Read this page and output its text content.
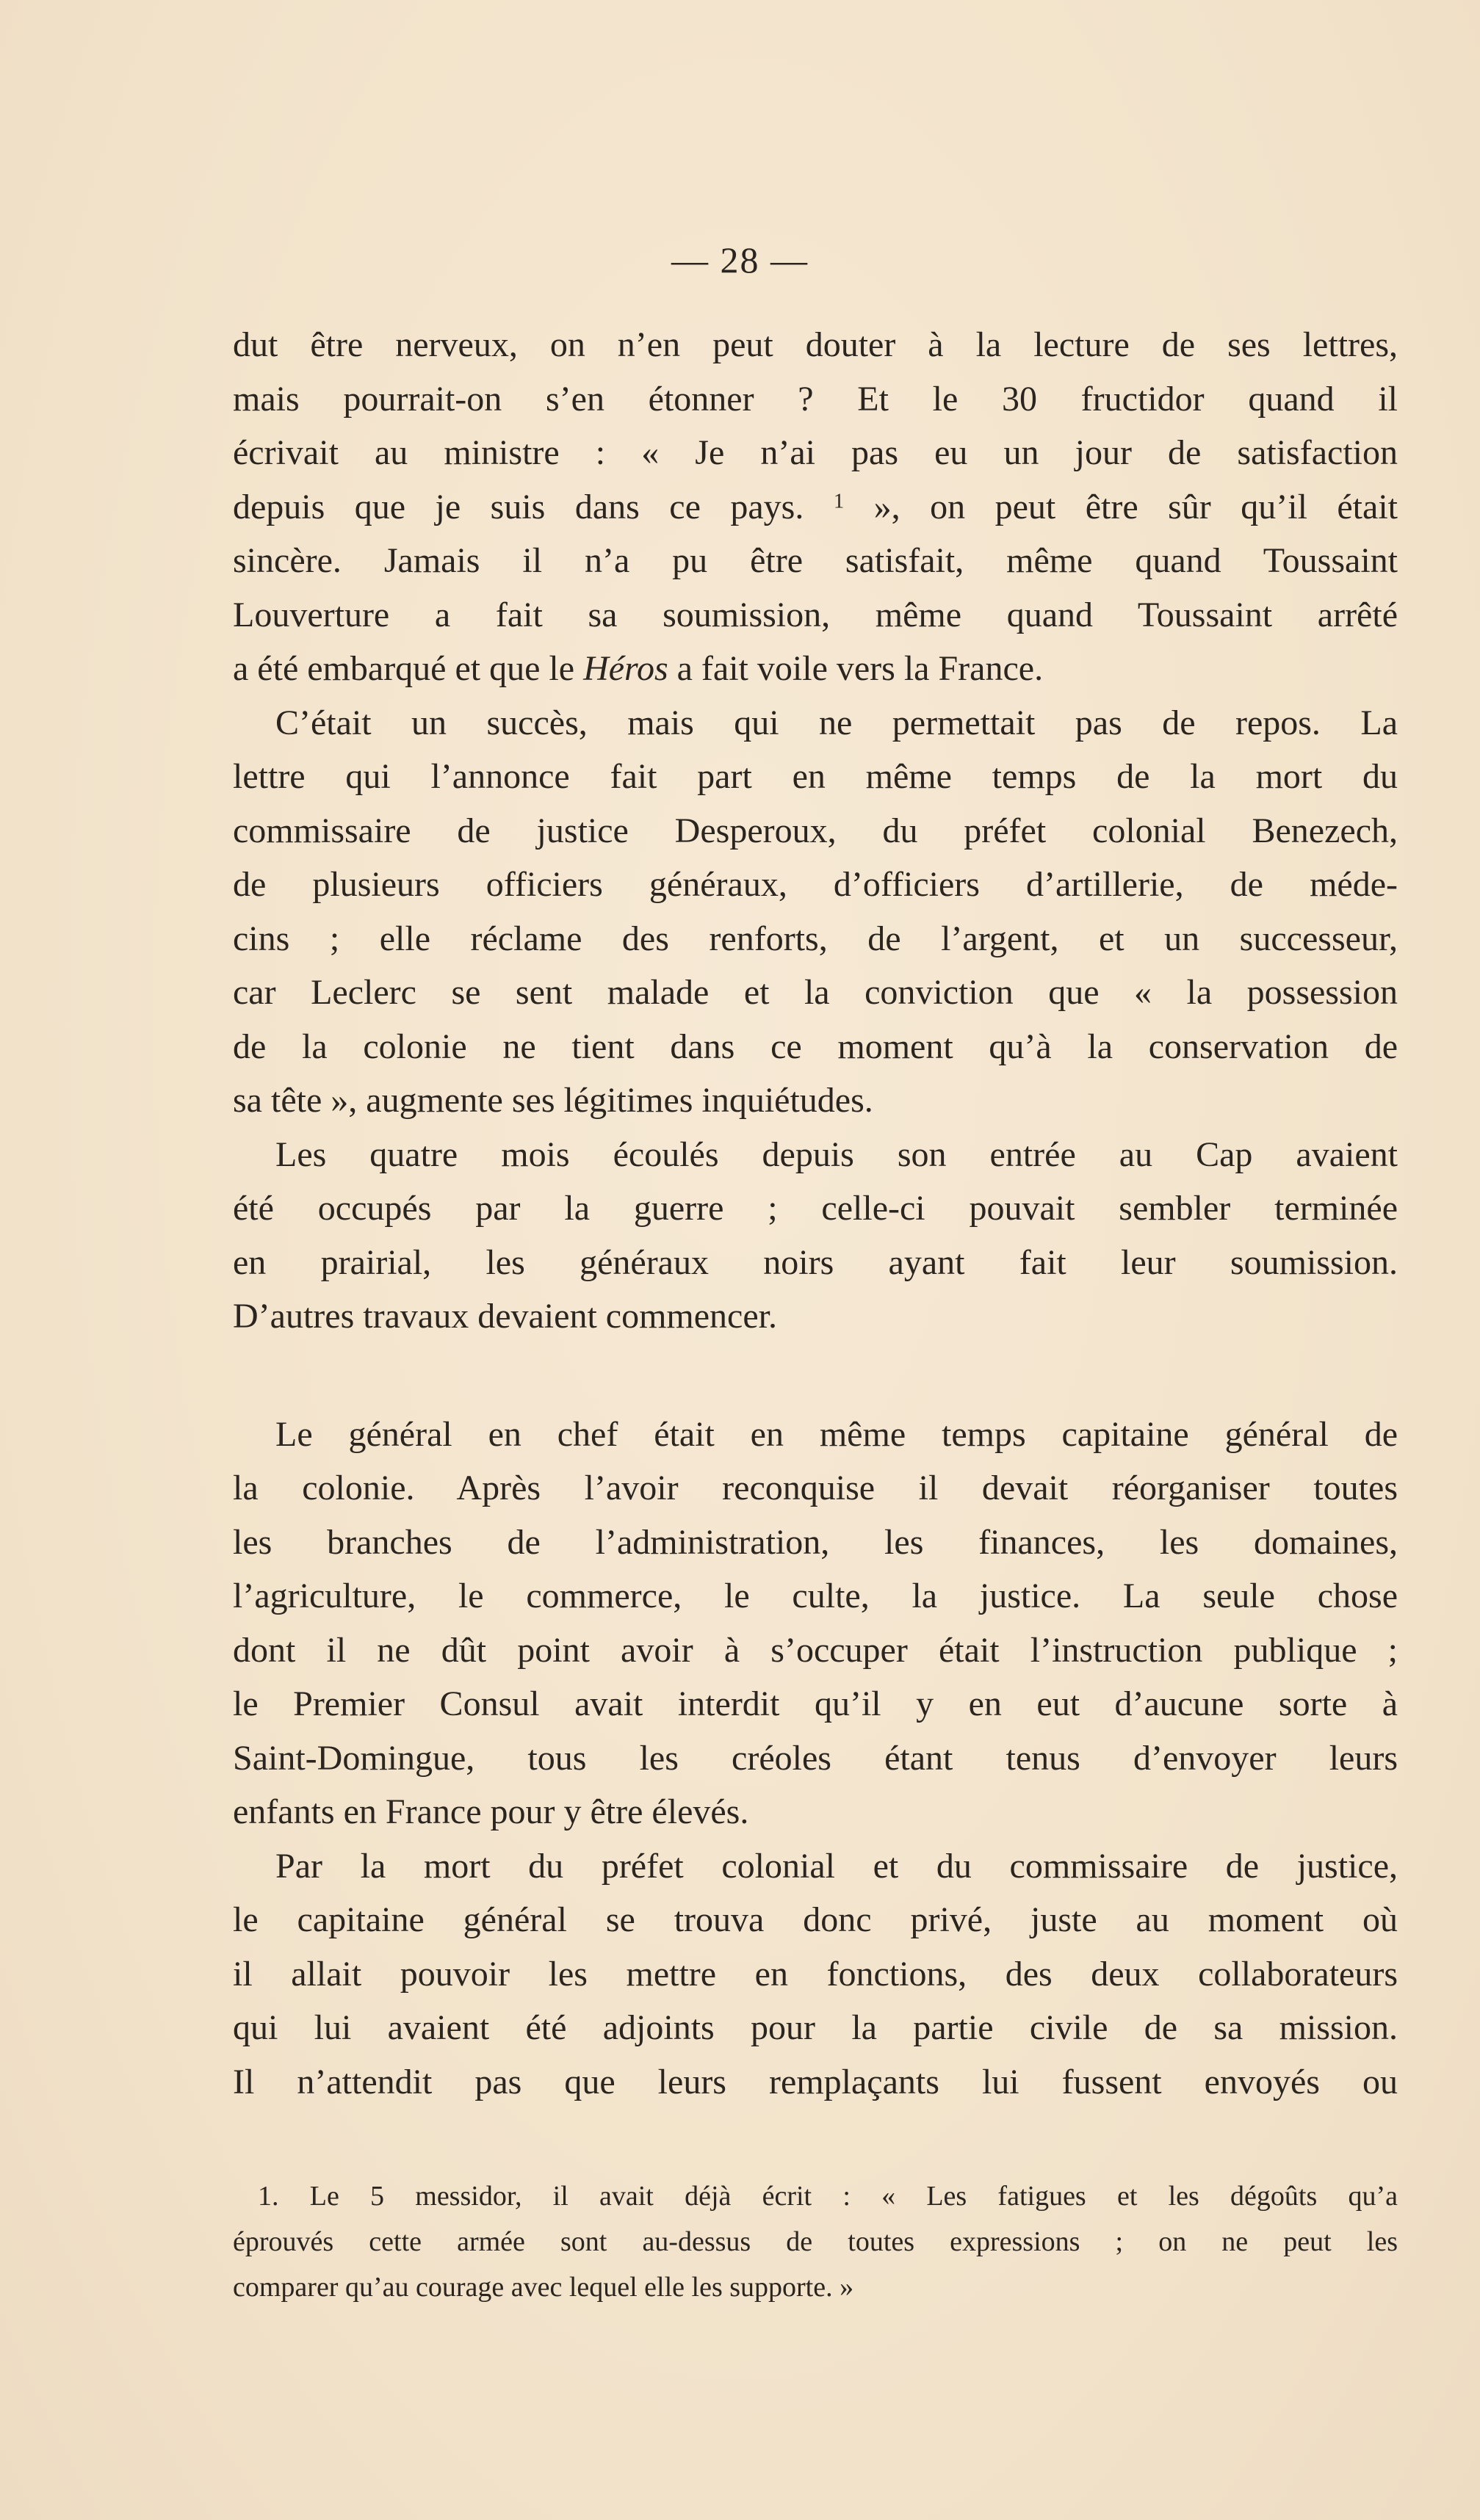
— 28 —
dut être nerveux, on n’en peut douter à la lecture de ses lettres,
mais pourrait-on s’en étonner ? Et le 30 fructidor quand il
écrivait au ministre : « Je n’ai pas eu un jour de satisfaction
depuis que je suis dans ce pays. $^1$ », on peut être sûr qu’il était
sincère. Jamais il n’a pu être satisfait, même quand Toussaint
Louverture a fait sa soumission, même quand Toussaint arrêté
a été embarqué et que le Héros a fait voile vers la France.
C’était un succès, mais qui ne permettait pas de repos. La
lettre qui l’annonce fait part en même temps de la mort du
commissaire de justice Desperoux, du préfet colonial Benezech,
de plusieurs officiers généraux, d’officiers d’artillerie, de méde-
cins ; elle réclame des renforts, de l’argent, et un successeur,
car Leclerc se sent malade et la conviction que « la possession
de la colonie ne tient dans ce moment qu’à la conservation de
sa tête », augmente ses légitimes inquiétudes.
Les quatre mois écoulés depuis son entrée au Cap avaient
été occupés par la guerre ; celle-ci pouvait sembler terminée
en prairial, les généraux noirs ayant fait leur soumission.
D’autres travaux devaient commencer.
Le général en chef était en même temps capitaine général de
la colonie. Après l’avoir reconquise il devait réorganiser toutes
les branches de l’administration, les finances, les domaines,
l’agriculture, le commerce, le culte, la justice. La seule chose
dont il ne dût point avoir à s’occuper était l’instruction publique ;
le Premier Consul avait interdit qu’il y en eut d’aucune sorte à
Saint-Domingue, tous les créoles étant tenus d’envoyer leurs
enfants en France pour y être élevés.
Par la mort du préfet colonial et du commissaire de justice,
le capitaine général se trouva donc privé, juste au moment où
il allait pouvoir les mettre en fonctions, des deux collaborateurs
qui lui avaient été adjoints pour la partie civile de sa mission.
Il n’attendit pas que leurs remplaçants lui fussent envoyés ou
1. Le 5 messidor, il avait déjà écrit : « Les fatigues et les dégoûts qu’a
éprouvés cette armée sont au-dessus de toutes expressions ; on ne peut les
comparer qu’au courage avec lequel elle les supporte. »
